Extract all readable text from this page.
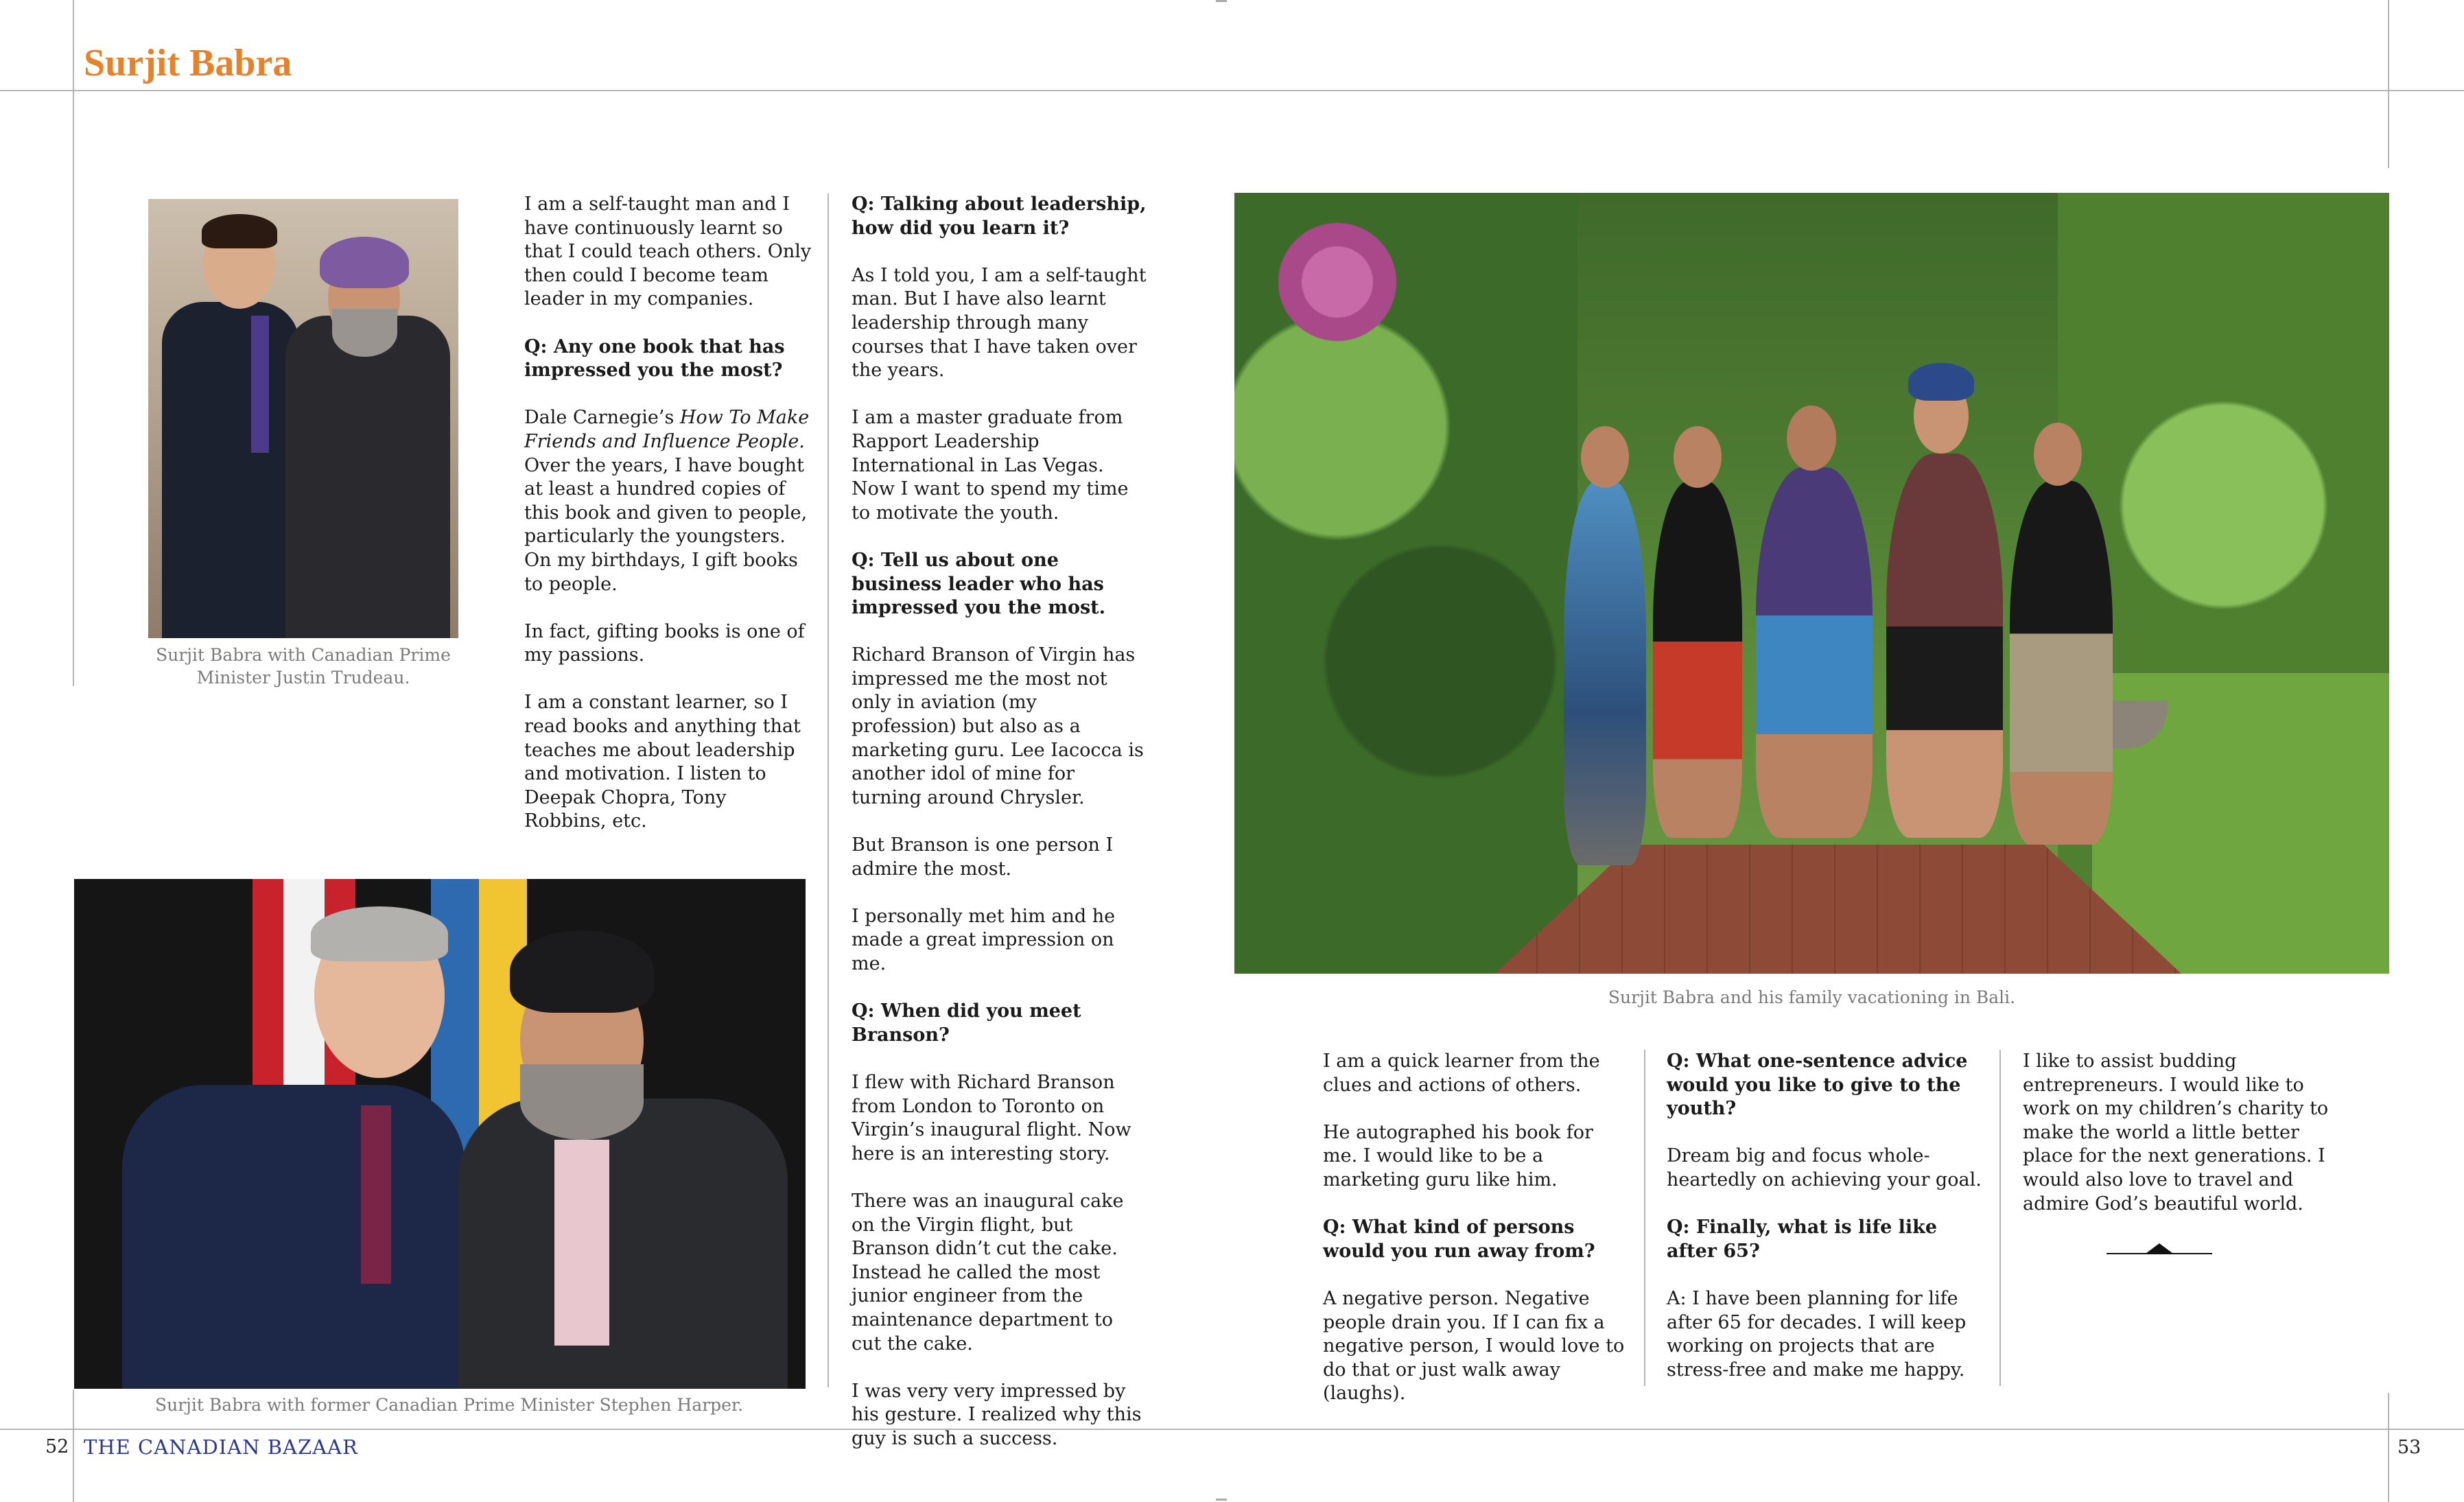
Surjit Babra
Surjit Babra with Canadian Prime Minister Justin Trudeau.
Surjit Babra with former Canadian Prime Minister Stephen Harper.
Surjit Babra and his family vacationing in Bali.

I am a self-taught man and I have continuously learnt so that I could teach others. Only then could I become team leader in my companies.

Q: Any one book that has impressed you the most?

Dale Carnegie’s How To Make Friends and Influence People. Over the years, I have bought at least a hundred copies of this book and given to people, particularly the youngsters. On my birthdays, I gift books to people.

In fact, gifting books is one of my passions.

I am a constant learner, so I read books and anything that teaches me about leadership and motivation. I listen to Deepak Chopra, Tony Robbins, etc.

Q: Talking about leadership, how did you learn it?

As I told you, I am a self-taught man. But I have also learnt leadership through many courses that I have taken over the years.

I am a master graduate from Rapport Leadership International in Las Vegas. Now I want to spend my time to motivate the youth.

Q: Tell us about one business leader who has impressed you the most.

Richard Branson of Virgin has impressed me the most not only in aviation (my profession) but also as a marketing guru. Lee Iacocca is another idol of mine for turning around Chrysler.

But Branson is one person I admire the most.

I personally met him and he made a great impression on me.

Q: When did you meet Branson?

I flew with Richard Branson from London to Toronto on Virgin’s inaugural flight. Now here is an interesting story.

There was an inaugural cake on the Virgin flight, but Branson didn’t cut the cake. Instead he called the most junior engineer from the maintenance department to cut the cake.

I was very very impressed by his gesture. I realized why this guy is such a success.

I am a quick learner from the clues and actions of others.

He autographed his book for me. I would like to be a marketing guru like him.

Q: What kind of persons would you run away from?

A negative person. Negative people drain you. If I can fix a negative person, I would love to do that or just walk away (laughs).

Q: What one-sentence advice would you like to give to the youth?

Dream big and focus whole-heartedly on achieving your goal.

Q: Finally, what is life like after 65?

A: I have been planning for life after 65 for decades. I will keep working on projects that are stress-free and make me happy.

I like to assist budding entrepreneurs. I would like to work on my children’s charity to make the world a little better place for the next generations. I would also love to travel and admire God’s beautiful world.

52 THE CANADIAN BAZAAR	53
